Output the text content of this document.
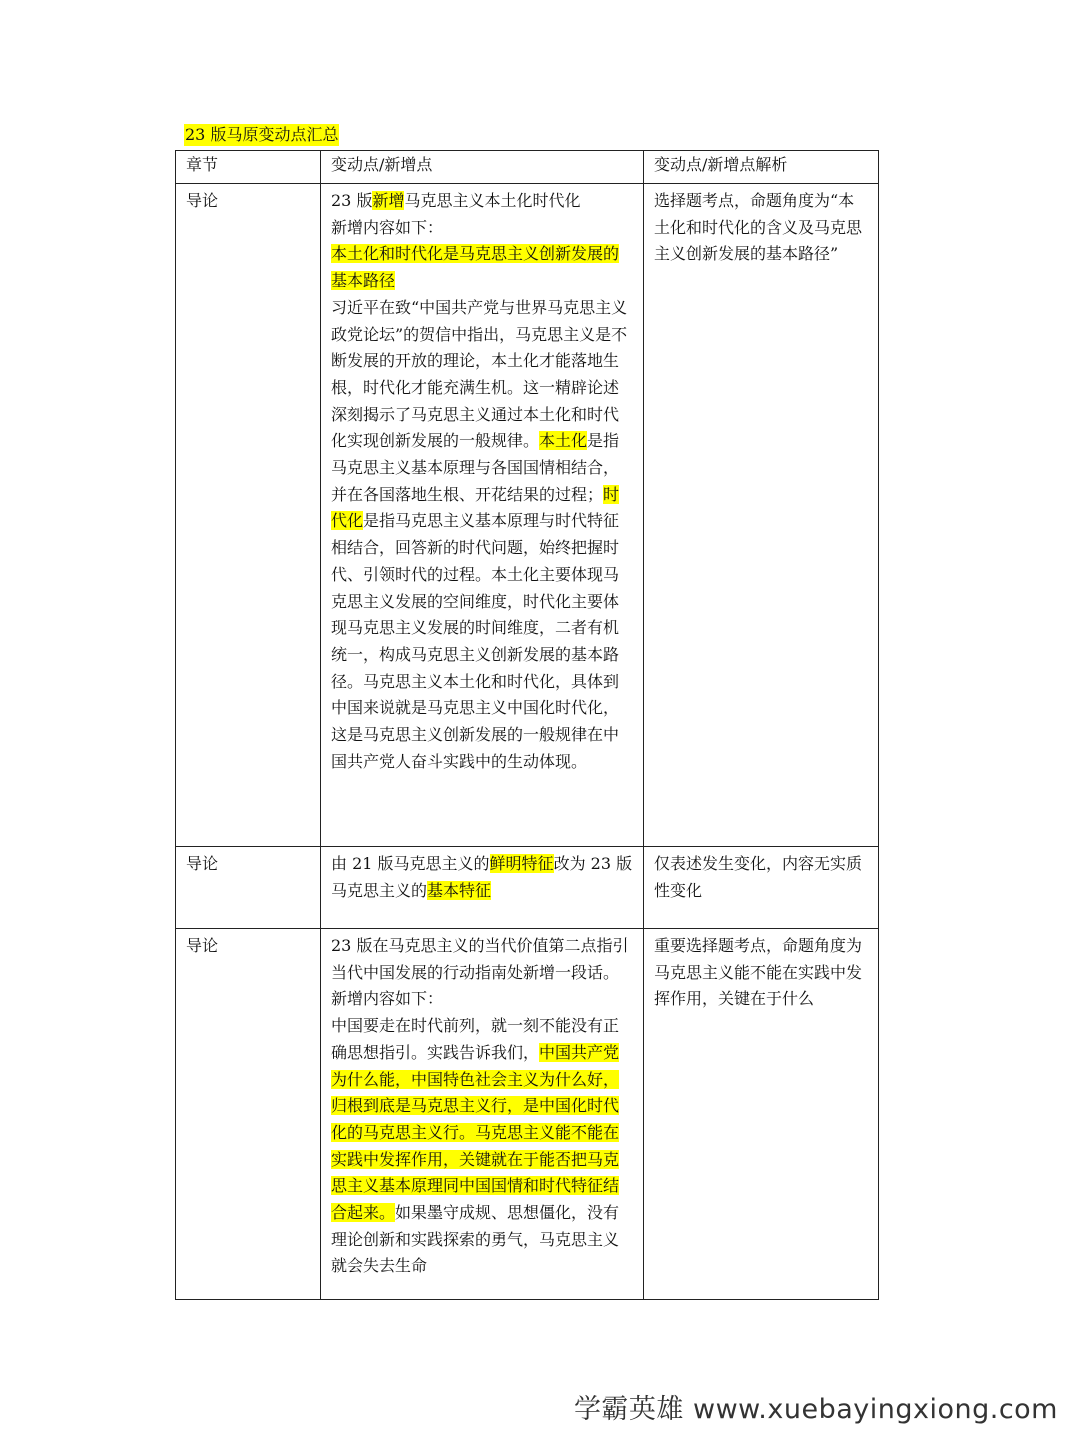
23 版马原变动点汇总
章节	变动点/新增点	变动点/新增点解析
导论	23 版新增马克思主义本土化时代化
新增内容如下：
本土化和时代化是马克思主义创新发展的基本路径
习近平在致“中国共产党与世界马克思主义政党论坛”的贺信中指出，马克思主义是不断发展的开放的理论，本土化才能落地生根，时代化才能充满生机。这一精辟论述深刻揭示了马克思主义通过本土化和时代化实现创新发展的一般规律。本土化是指马克思主义基本原理与各国国情相结合，并在各国落地生根、开花结果的过程；时代化是指马克思主义基本原理与时代特征相结合，回答新的时代问题，始终把握时代、引领时代的过程。本土化主要体现马克思主义发展的空间维度，时代化主要体现马克思主义发展的时间维度，二者有机统一，构成马克思主义创新发展的基本路径。马克思主义本土化和时代化，具体到中国来说就是马克思主义中国化时代化，这是马克思主义创新发展的一般规律在中国共产党人奋斗实践中的生动体现。	选择题考点，命题角度为“本土化和时代化的含义及马克思主义创新发展的基本路径”
导论	由 21 版马克思主义的鲜明特征改为 23 版马克思主义的基本特征	仅表述发生变化，内容无实质性变化
导论	23 版在马克思主义的当代价值第二点指引当代中国发展的行动指南处新增一段话。
新增内容如下：
中国要走在时代前列，就一刻不能没有正确思想指引。实践告诉我们，中国共产党为什么能，中国特色社会主义为什么好，归根到底是马克思主义行，是中国化时代化的马克思主义行。马克思主义能不能在实践中发挥作用，关键就在于能否把马克思主义基本原理同中国国情和时代特征结合起来。如果墨守成规、思想僵化，没有理论创新和实践探索的勇气，马克思主义就会失去生命	重要选择题考点，命题角度为马克思主义能不能在实践中发挥作用，关键在于什么
学霸英雄 www.xuebayingxiong.com
